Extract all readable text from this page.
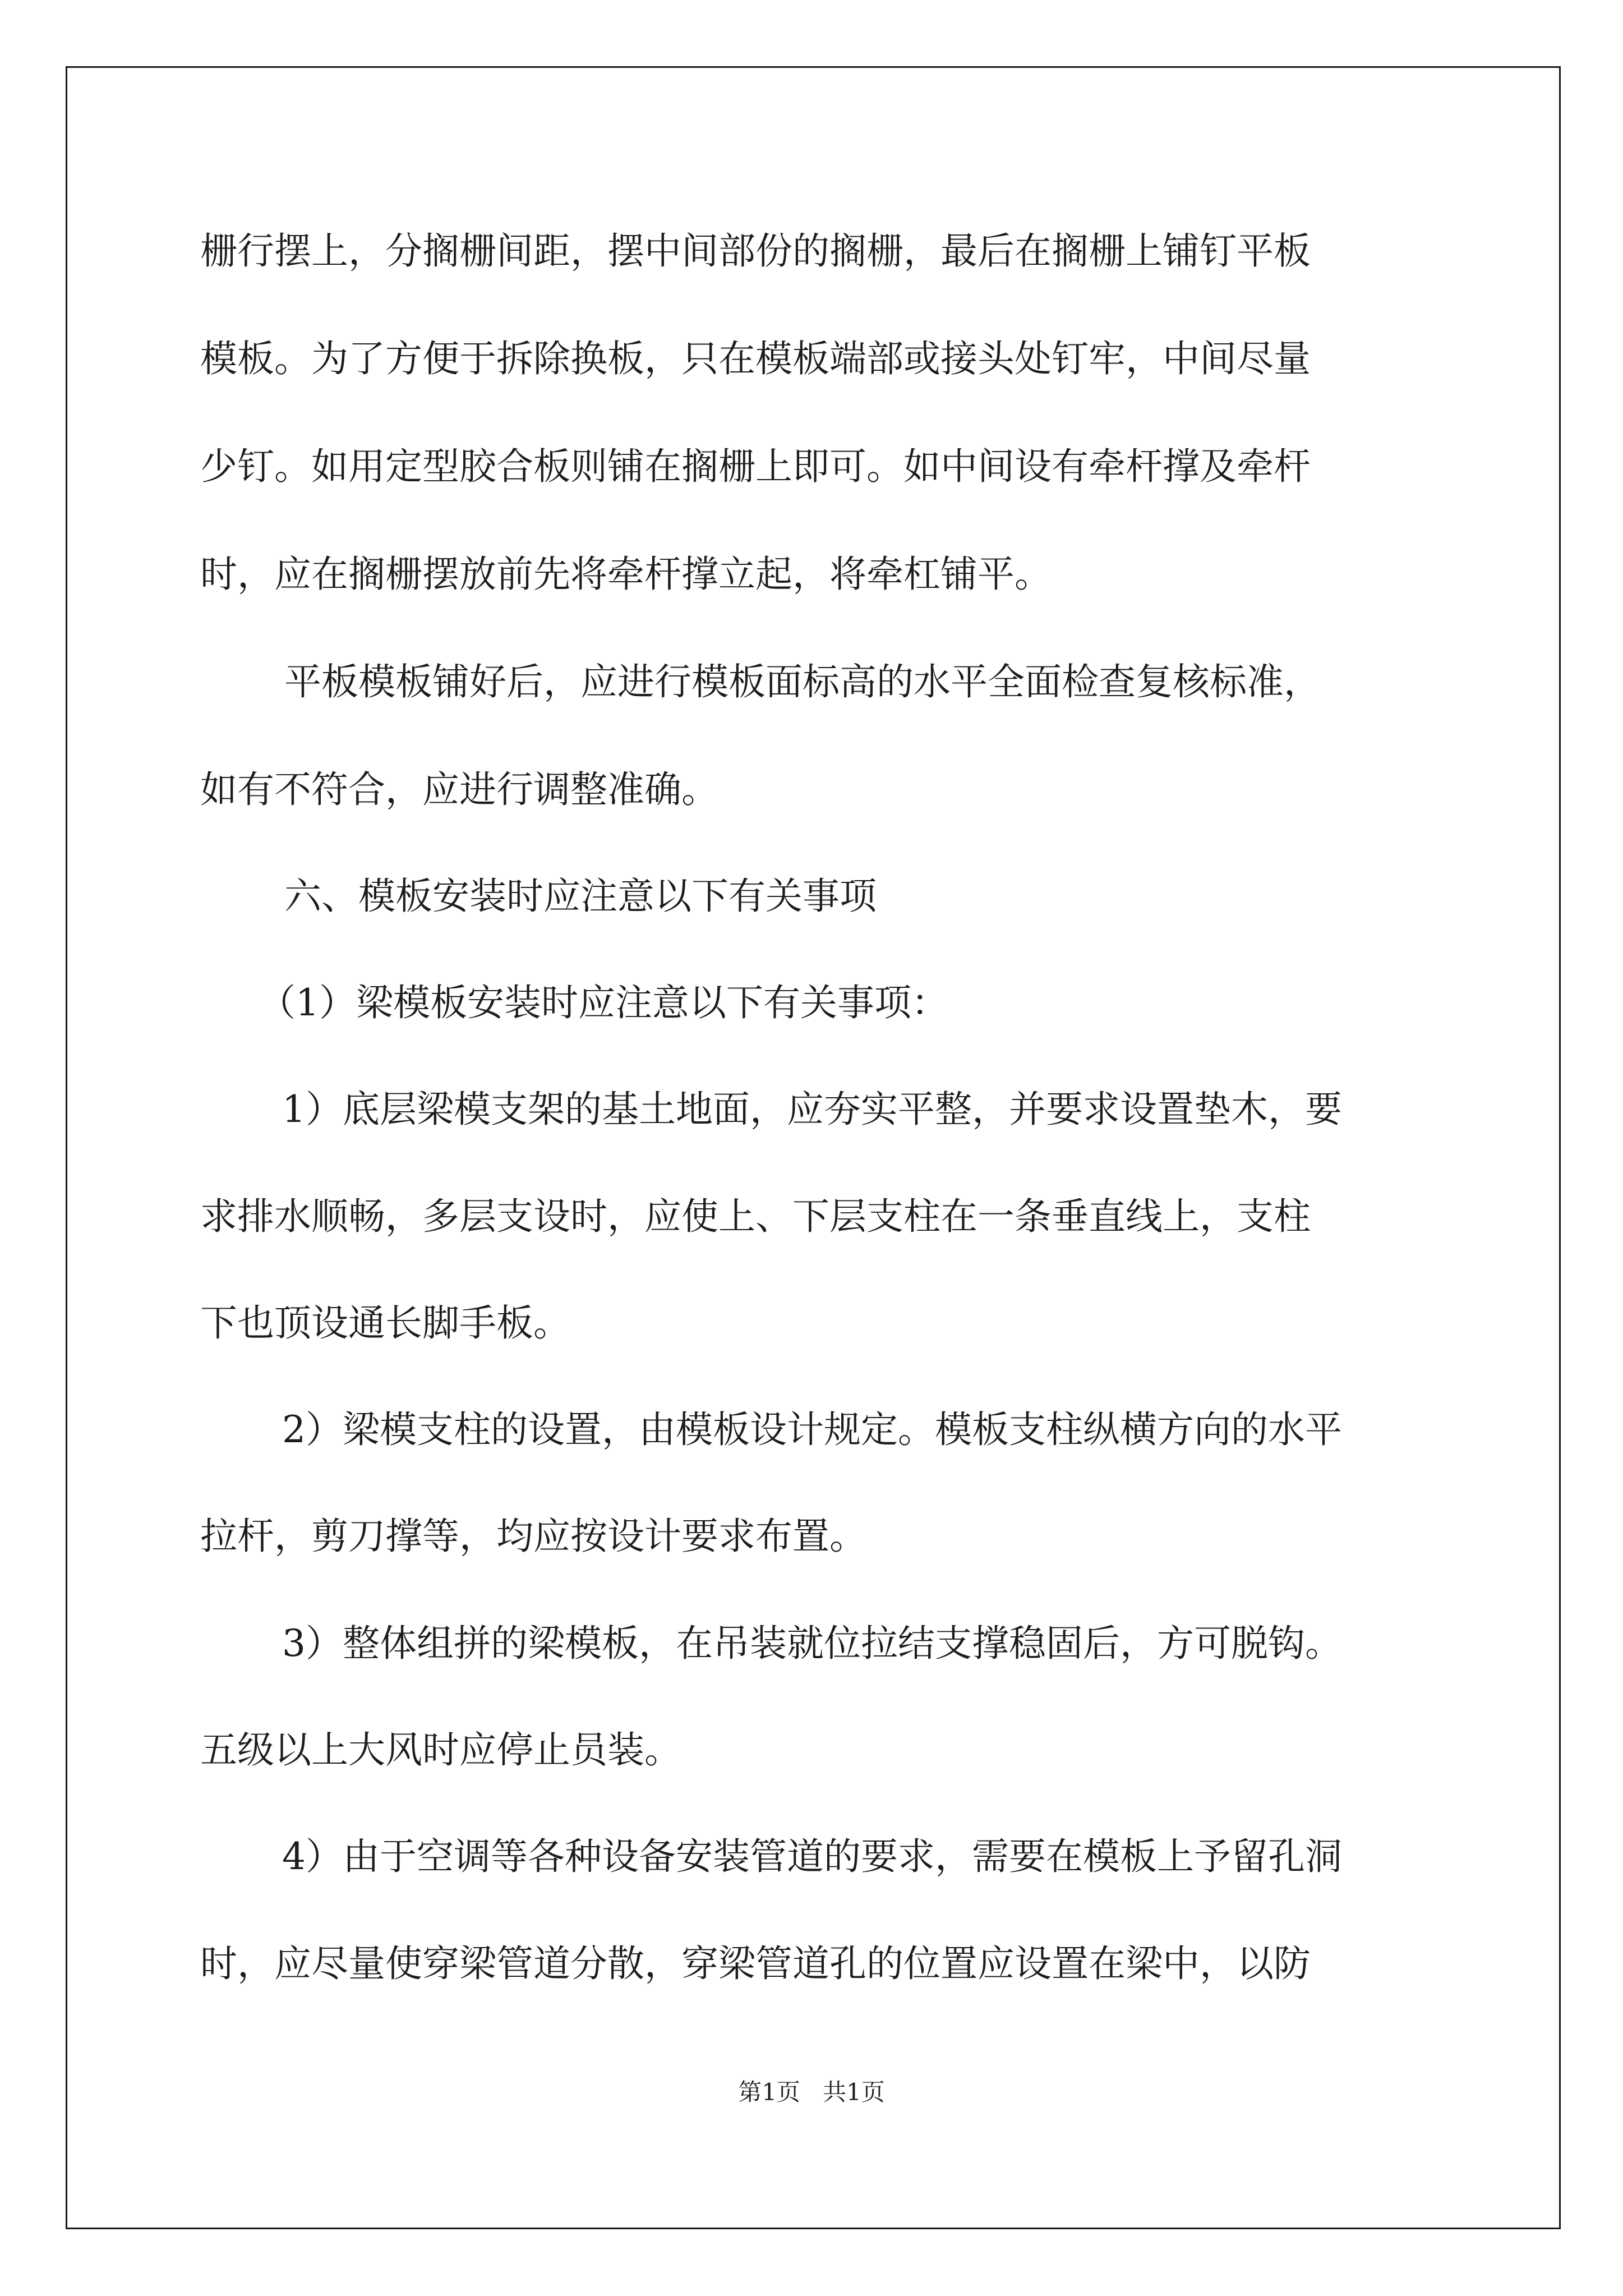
栅行摆上，分搁栅间距，摆中间部份的搁栅，最后在搁栅上铺钉平板
模板。为了方便于拆除换板，只在模板端部或接头处钉牢，中间尽量
少钉。如用定型胶合板则铺在搁栅上即可。如中间设有牵杆撑及牵杆
时，应在搁栅摆放前先将牵杆撑立起，将牵杠铺平。
平板模板铺好后，应进行模板面标高的水平全面检查复核标准，
如有不符合，应进行调整准确。
六、模板安装时应注意以下有关事项
（1）梁模板安装时应注意以下有关事项：
1）底层梁模支架的基土地面，应夯实平整，并要求设置垫木，要
求排水顺畅，多层支设时，应使上、下层支柱在一条垂直线上，支柱
下也顶设通长脚手板。
2）梁模支柱的设置，由模板设计规定。模板支柱纵横方向的水平
拉杆，剪刀撑等，均应按设计要求布置。
3）整体组拼的梁模板，在吊装就位拉结支撑稳固后，方可脱钩。
五级以上大风时应停止员装。
4）由于空调等各种设备安装管道的要求，需要在模板上予留孔洞
时，应尽量使穿梁管道分散，穿梁管道孔的位置应设置在梁中，以防
第1页 共1页
